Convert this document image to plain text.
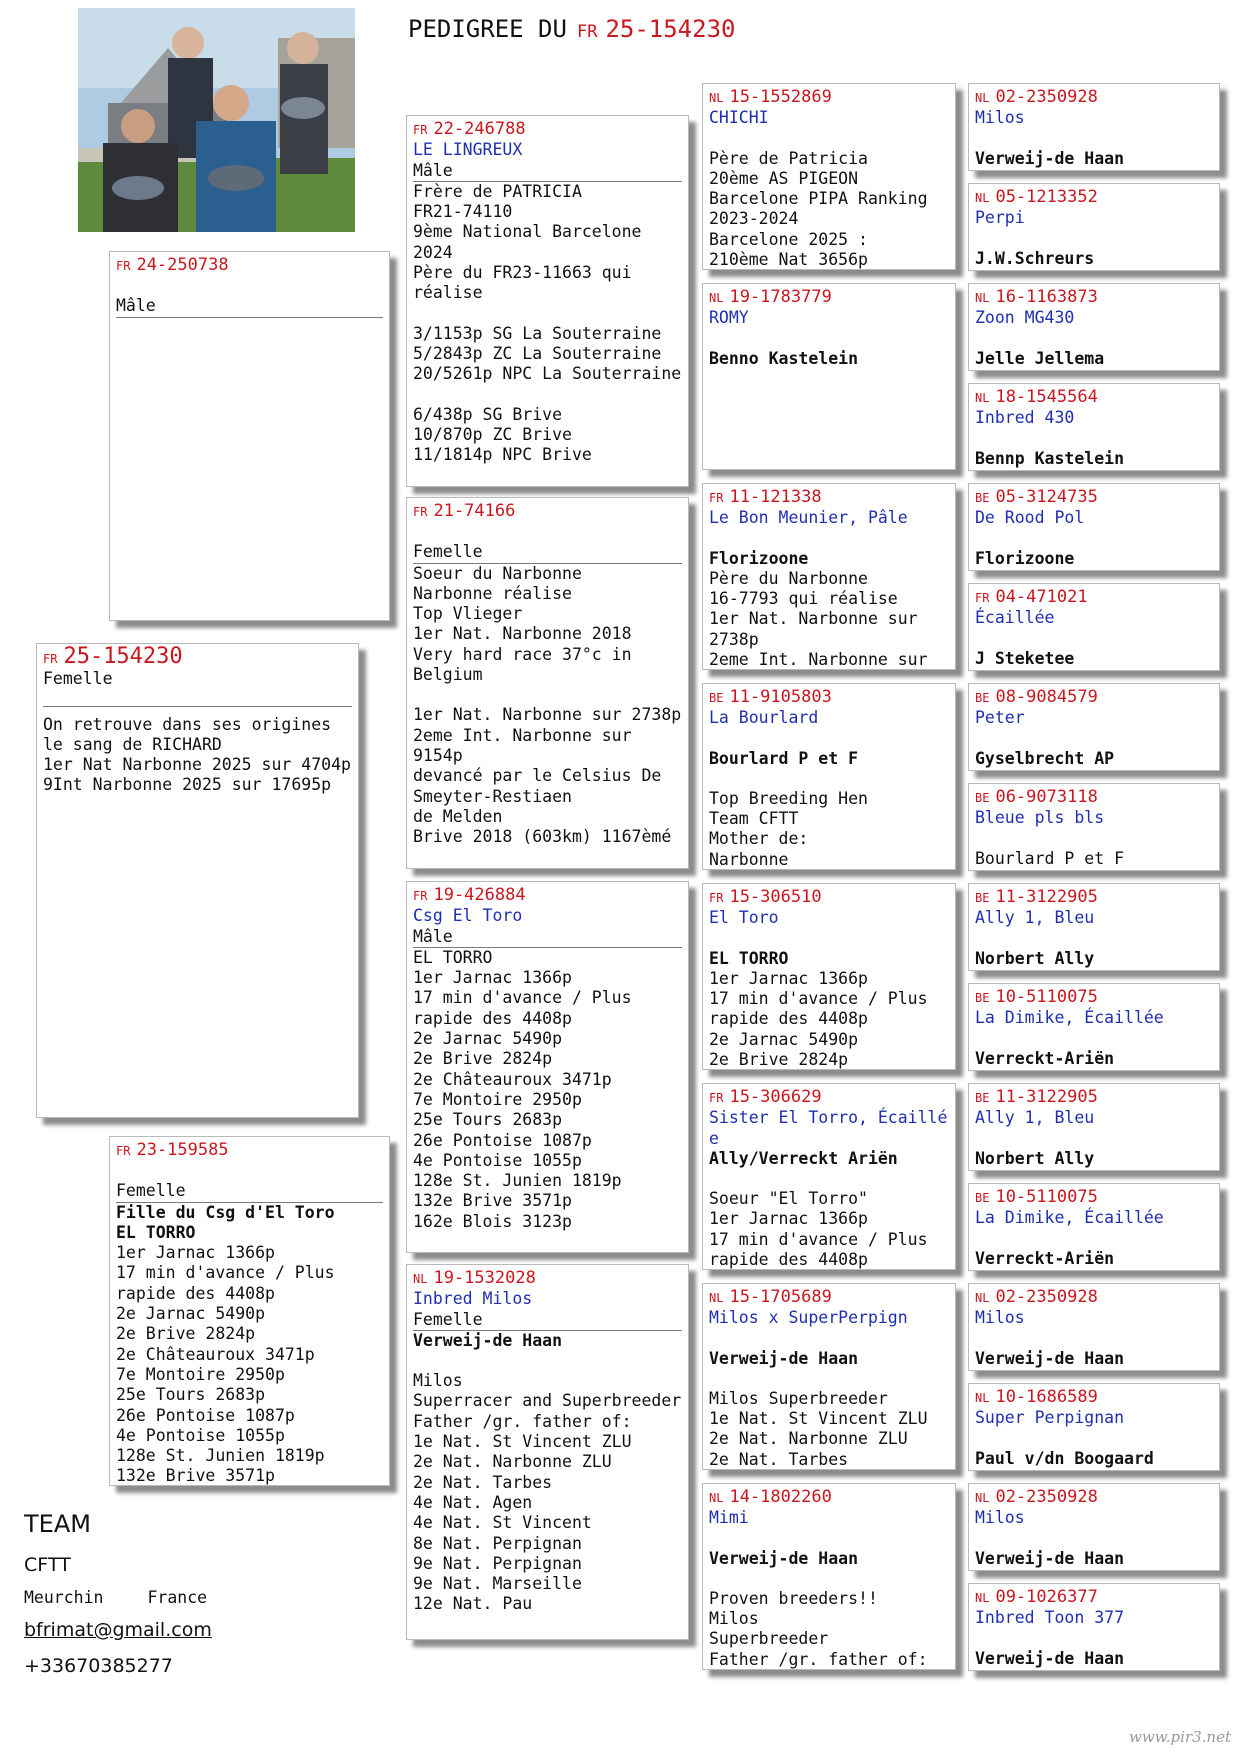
PEDIGREE DU FR 25-154230
FR 25-154230
Femelle
On retrouve dans ses origines le sang de RICHARD
1er Nat Narbonne 2025 sur 4704p
9Int Narbonne 2025 sur 17695p
FR 24-250738
Mâle
FR 23-159585
Femelle
Fille du Csg d'El Toro
EL TORRO
1er Jarnac 1366p
17 min d'avance / Plus rapide des 4408p
2e Jarnac 5490p
2e Brive 2824p
2e Châteauroux 3471p
7e Montoire 2950p
25e Tours 2683p
26e Pontoise 1087p
4e Pontoise 1055p
128e St. Junien 1819p
132e Brive 3571p
FR 22-246788
LE LINGREUX
Mâle
Frère de PATRICIA
FR21-74110
9ème National Barcelone 2024
Père du FR23-11663 qui réalise
3/1153p SG La Souterraine
5/2843p ZC La Souterraine
20/5261p NPC La Souterraine
6/438p SG Brive
10/870p ZC Brive
11/1814p NPC Brive
FR 21-74166
Femelle
Soeur du Narbonne
Narbonne réalise
Top Vlieger
1er Nat. Narbonne 2018
Very hard race 37°c in Belgium
1er Nat. Narbonne sur 2738p
2eme Int. Narbonne sur 9154p
devancé par le Celsius De Smeyter-Restiaen
de Melden
Brive 2018 (603km) 1167èmé
FR 19-426884
Csg El Toro
Mâle
EL TORRO
1er Jarnac 1366p
17 min d'avance / Plus rapide des 4408p
2e Jarnac 5490p
2e Brive 2824p
2e Châteauroux 3471p
7e Montoire 2950p
25e Tours 2683p
26e Pontoise 1087p
4e Pontoise 1055p
128e St. Junien 1819p
132e Brive 3571p
162e Blois 3123p
NL 19-1532028
Inbred Milos
Femelle
Verweij-de Haan
Milos
Superracer and Superbreeder
Father /gr. father of:
1e Nat. St Vincent ZLU
2e Nat. Narbonne ZLU
2e Nat. Tarbes
4e Nat. Agen
4e Nat. St Vincent
8e Nat. Perpignan
9e Nat. Perpignan
9e Nat. Marseille
12e Nat. Pau
NL 15-1552869
CHICHI
Père de Patricia
20ème AS PIGEON
Barcelone PIPA Ranking 2023-2024
Barcelone 2025 :
210ème Nat 3656p
NL 19-1783779
ROMY
Benno Kastelein
FR 11-121338
Le Bon Meunier, Pâle
Florizoone
Père du Narbonne
16-7793 qui réalise
1er Nat. Narbonne sur 2738p
2eme Int. Narbonne sur
BE 11-9105803
La Bourlard
Bourlard P et F
Top Breeding Hen
Team CFTT
Mother de:
Narbonne
FR 15-306510
El Toro
EL TORRO
1er Jarnac 1366p
17 min d'avance / Plus rapide des 4408p
2e Jarnac 5490p
2e Brive 2824p
FR 15-306629
Sister El Torro, Écaillée
Ally/Verreckt Ariën
Soeur "El Torro"
1er Jarnac 1366p
17 min d'avance / Plus rapide des 4408p
NL 15-1705689
Milos x SuperPerpign
Verweij-de Haan
Milos Superbreeder
1e Nat. St Vincent ZLU
2e Nat. Narbonne ZLU
2e Nat. Tarbes
NL 14-1802260
Mimi
Verweij-de Haan
Proven breeders!!
Milos
Superbreeder
Father /gr. father of:
NL 02-2350928
Milos
Verweij-de Haan
NL 05-1213352
Perpi
J.W.Schreurs
NL 16-1163873
Zoon MG430
Jelle Jellema
NL 18-1545564
Inbred 430
Bennp Kastelein
BE 05-3124735
De Rood Pol
Florizoone
FR 04-471021
Écaillée
J Steketee
BE 08-9084579
Peter
Gyselbrecht AP
BE 06-9073118
Bleue pls bls
Bourlard P et F
BE 11-3122905
Ally 1, Bleu
Norbert Ally
BE 10-5110075
La Dimike, Écaillée
Verreckt-Ariën
BE 11-3122905
Ally 1, Bleu
Norbert Ally
BE 10-5110075
La Dimike, Écaillée
Verreckt-Ariën
NL 02-2350928
Milos
Verweij-de Haan
NL 10-1686589
Super Perpignan
Paul v/dn Boogaard
NL 02-2350928
Milos
Verweij-de Haan
NL 09-1026377
Inbred Toon 377
Verweij-de Haan
TEAM
CFTT
Meurchin	France
bfrimat@gmail.com
+33670385277
www.pir3.net
